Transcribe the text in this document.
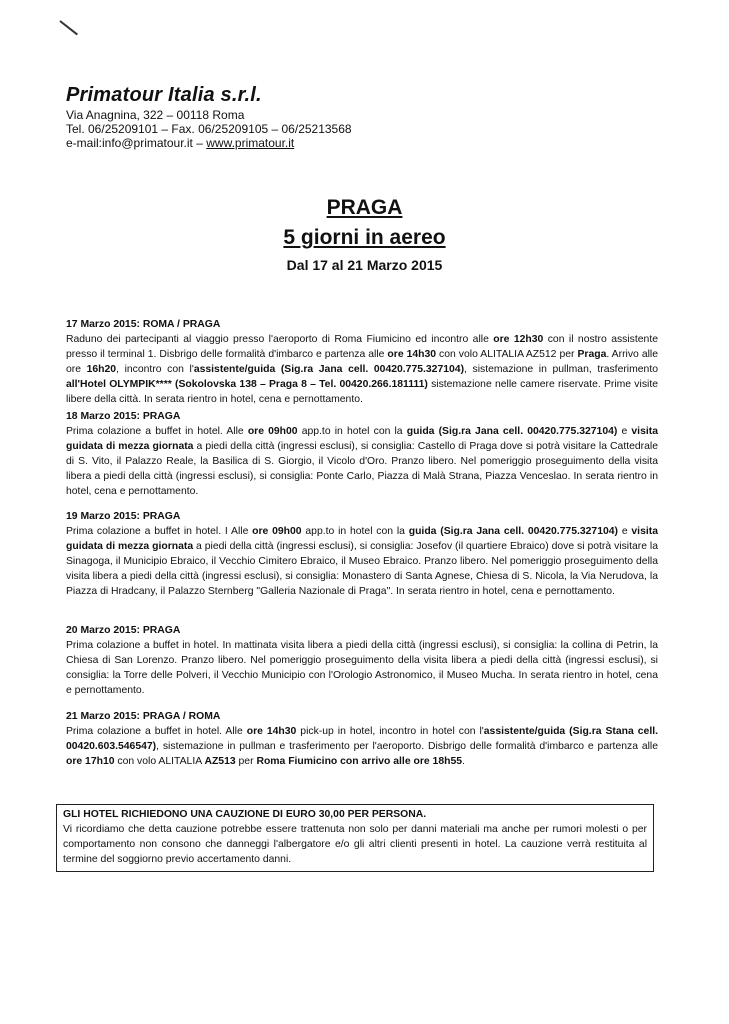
Primatour Italia s.r.l.
Via Anagnina, 322 – 00118 Roma
Tel. 06/25209101 – Fax. 06/25209105 – 06/25213568
e-mail:info@primatour.it – www.primatour.it
PRAGA
5 giorni in aereo
Dal 17 al 21 Marzo 2015
17 Marzo 2015: ROMA / PRAGA

Raduno dei partecipanti al viaggio presso l'aeroporto di Roma Fiumicino ed incontro alle ore 12h30 con il nostro assistente presso il terminal 1. Disbrigo delle formalità d'imbarco e partenza alle ore 14h30 con volo ALITALIA AZ512 per Praga. Arrivo alle ore 16h20, incontro con l'assistente/guida (Sig.ra Jana cell. 00420.775.327104), sistemazione in pullman, trasferimento all'Hotel OLYMPIK**** (Sokolovska 138 – Praga 8 – Tel. 00420.266.181111) sistemazione nelle camere riservate. Prime visite libere della città. In serata rientro in hotel, cena e pernottamento.

18 Marzo 2015: PRAGA

Prima colazione a buffet in hotel. Alle ore 09h00 app.to in hotel con la guida (Sig.ra Jana cell. 00420.775.327104) e visita guidata di mezza giornata a piedi della città (ingressi esclusi), si consiglia: Castello di Praga dove si potrà visitare la Cattedrale di S. Vito, il Palazzo Reale, la Basilica di S. Giorgio, il Vicolo d'Oro. Pranzo libero. Nel pomeriggio proseguimento della visita libera a piedi della città (ingressi esclusi), si consiglia: Ponte Carlo, Piazza di Malà Strana, Piazza Venceslao. In serata rientro in hotel, cena e pernottamento.

19 Marzo 2015: PRAGA

Prima colazione a buffet in hotel. I Alle ore 09h00 app.to in hotel con la guida (Sig.ra Jana cell. 00420.775.327104) e visita guidata di mezza giornata a piedi della città (ingressi esclusi), si consiglia: Josefov (il quartiere Ebraico) dove si potrà visitare la Sinagoga, il Municipio Ebraico, il Vecchio Cimitero Ebraico, il Museo Ebraico. Pranzo libero. Nel pomeriggio proseguimento della visita libera a piedi della città (ingressi esclusi), si consiglia: Monastero di Santa Agnese, Chiesa di S. Nicola, la Via Nerudova, la Piazza di Hradcany, il Palazzo Sternberg "Galleria Nazionale di Praga". In serata rientro in hotel, cena e pernottamento.

20 Marzo 2015: PRAGA

Prima colazione a buffet in hotel. In mattinata visita libera a piedi della città (ingressi esclusi), si consiglia: la collina di Petrin, la Chiesa di San Lorenzo. Pranzo libero. Nel pomeriggio proseguimento della visita libera a piedi della città (ingressi esclusi), si consiglia: la Torre delle Polveri, il Vecchio Municipio con l'Orologio Astronomico, il Museo Mucha. In serata rientro in hotel, cena e pernottamento.

21 Marzo 2015: PRAGA / ROMA

Prima colazione a buffet in hotel. Alle ore 14h30 pick-up in hotel, incontro in hotel con l'assistente/guida (Sig.ra Stana cell. 00420.603.546547), sistemazione in pullman e trasferimento per l'aeroporto. Disbrigo delle formalità d'imbarco e partenza alle ore 17h10 con volo ALITALIA AZ513 per Roma Fiumicino con arrivo alle ore 18h55.

GLI HOTEL RICHIEDONO UNA CAUZIONE DI EURO 30,00 PER PERSONA.

Vi ricordiamo che detta cauzione potrebbe essere trattenuta non solo per danni materiali ma anche per rumori molesti o per comportamento non consono che danneggi l'albergatore e/o gli altri clienti presenti in hotel. La cauzione verrà restituita al termine del soggiorno previo accertamento danni.
